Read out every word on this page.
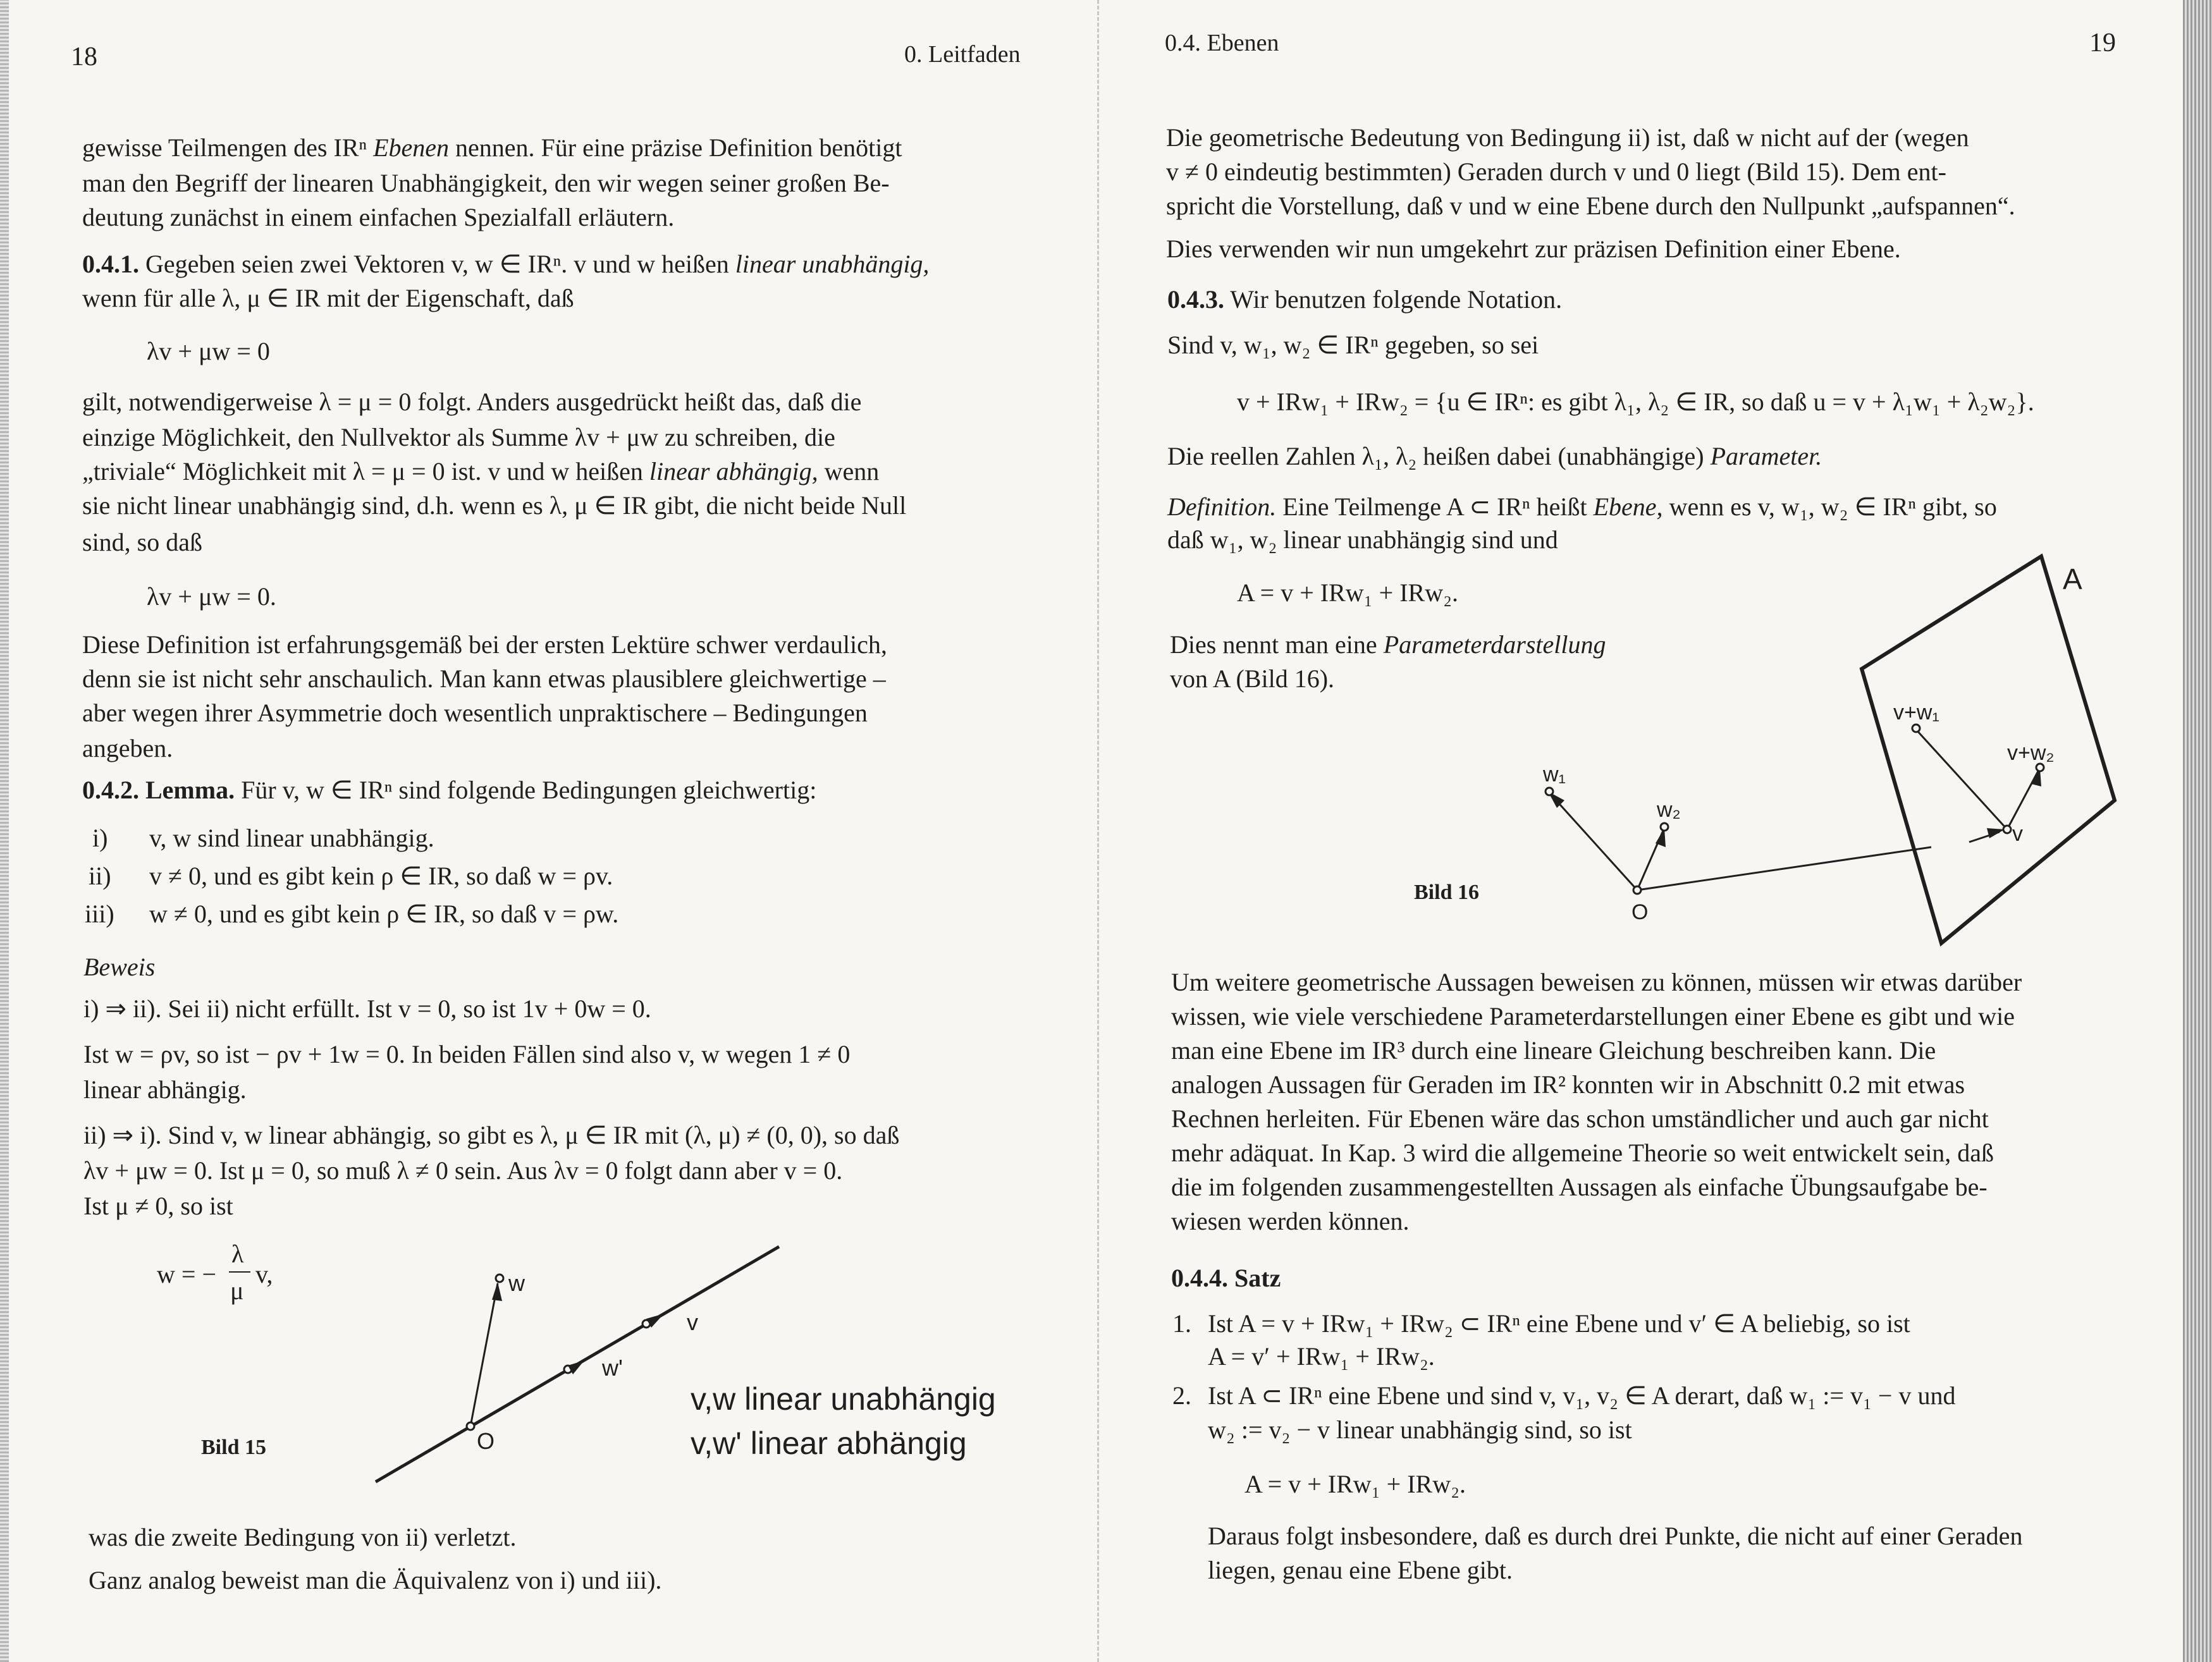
18	0. Leitfaden
gewisse Teilmengen des IRⁿ Ebenen nennen. Für eine präzise Definition benötigt
man den Begriff der linearen Unabhängigkeit, den wir wegen seiner großen Be-
deutung zunächst in einem einfachen Spezialfall erläutern.
0.4.1. Gegeben seien zwei Vektoren v, w ∈ IRⁿ. v und w heißen linear unabhängig,
wenn für alle λ, μ ∈ IR mit der Eigenschaft, daß
λv + μw = 0
gilt, notwendigerweise λ = μ = 0 folgt. Anders ausgedrückt heißt das, daß die
einzige Möglichkeit, den Nullvektor als Summe λv + μw zu schreiben, die
„triviale“ Möglichkeit mit λ = μ = 0 ist. v und w heißen linear abhängig, wenn
sie nicht linear unabhängig sind, d.h. wenn es λ, μ ∈ IR gibt, die nicht beide Null
sind, so daß
λv + μw = 0.
Diese Definition ist erfahrungsgemäß bei der ersten Lektüre schwer verdaulich,
denn sie ist nicht sehr anschaulich. Man kann etwas plausiblere gleichwertige –
aber wegen ihrer Asymmetrie doch wesentlich unpraktischere – Bedingungen
angeben.
0.4.2. Lemma. Für v, w ∈ IRⁿ sind folgende Bedingungen gleichwertig:
i) v, w sind linear unabhängig.
ii) v ≠ 0, und es gibt kein ρ ∈ IR, so daß w = ρv.
iii) w ≠ 0, und es gibt kein ρ ∈ IR, so daß v = ρw.
Beweis
i) ⇒ ii). Sei ii) nicht erfüllt. Ist v = 0, so ist 1v + 0w = 0.
Ist w = ρv, so ist − ρv + 1w = 0. In beiden Fällen sind also v, w wegen 1 ≠ 0
linear abhängig.
ii) ⇒ i). Sind v, w linear abhängig, so gibt es λ, μ ∈ IR mit (λ, μ) ≠ (0, 0), so daß
λv + μw = 0. Ist μ = 0, so muß λ ≠ 0 sein. Aus λv = 0 folgt dann aber v = 0.
Ist μ ≠ 0, so ist
w = −
λ
μ
v,	w
v
w'
O
v,w linear unabhängig
v,w' linear abhängig
Bild 15
was die zweite Bedingung von ii) verletzt.
Ganz analog beweist man die Äquivalenz von i) und iii).
0.4. Ebenen	19
Die geometrische Bedeutung von Bedingung ii) ist, daß w nicht auf der (wegen
v ≠ 0 eindeutig bestimmten) Geraden durch v und 0 liegt (Bild 15). Dem ent-
spricht die Vorstellung, daß v und w eine Ebene durch den Nullpunkt „aufspannen“.
Dies verwenden wir nun umgekehrt zur präzisen Definition einer Ebene.
0.4.3. Wir benutzen folgende Notation.
Sind v, w₁, w₂ ∈ IRⁿ gegeben, so sei
v + IRw₁ + IRw₂ = {u ∈ IRⁿ: es gibt λ₁, λ₂ ∈ IR, so daß u = v + λ₁w₁ + λ₂w₂}.
Die reellen Zahlen λ₁, λ₂ heißen dabei (unabhängige) Parameter.
Definition. Eine Teilmenge A ⊂ IRⁿ heißt Ebene, wenn es v, w₁, w₂ ∈ IRⁿ gibt, so
daß w₁, w₂ linear unabhängig sind und
A = v + IRw₁ + IRw₂.
Dies nennt man eine Parameterdarstellung
von A (Bild 16).
A
v+w₁
v+w₂
v
w₁
w₂
O
Bild 16
Um weitere geometrische Aussagen beweisen zu können, müssen wir etwas darüber
wissen, wie viele verschiedene Parameterdarstellungen einer Ebene es gibt und wie
man eine Ebene im IR³ durch eine lineare Gleichung beschreiben kann. Die
analogen Aussagen für Geraden im IR² konnten wir in Abschnitt 0.2 mit etwas
Rechnen herleiten. Für Ebenen wäre das schon umständlicher und auch gar nicht
mehr adäquat. In Kap. 3 wird die allgemeine Theorie so weit entwickelt sein, daß
die im folgenden zusammengestellten Aussagen als einfache Übungsaufgabe be-
wiesen werden können.
0.4.4. Satz
1. Ist A = v + IRw₁ + IRw₂ ⊂ IRⁿ eine Ebene und v′ ∈ A beliebig, so ist
A = v′ + IRw₁ + IRw₂.
2. Ist A ⊂ IRⁿ eine Ebene und sind v, v₁, v₂ ∈ A derart, daß w₁ := v₁ − v und
w₂ := v₂ − v linear unabhängig sind, so ist
A = v + IRw₁ + IRw₂.
Daraus folgt insbesondere, daß es durch drei Punkte, die nicht auf einer Geraden
liegen, genau eine Ebene gibt.
